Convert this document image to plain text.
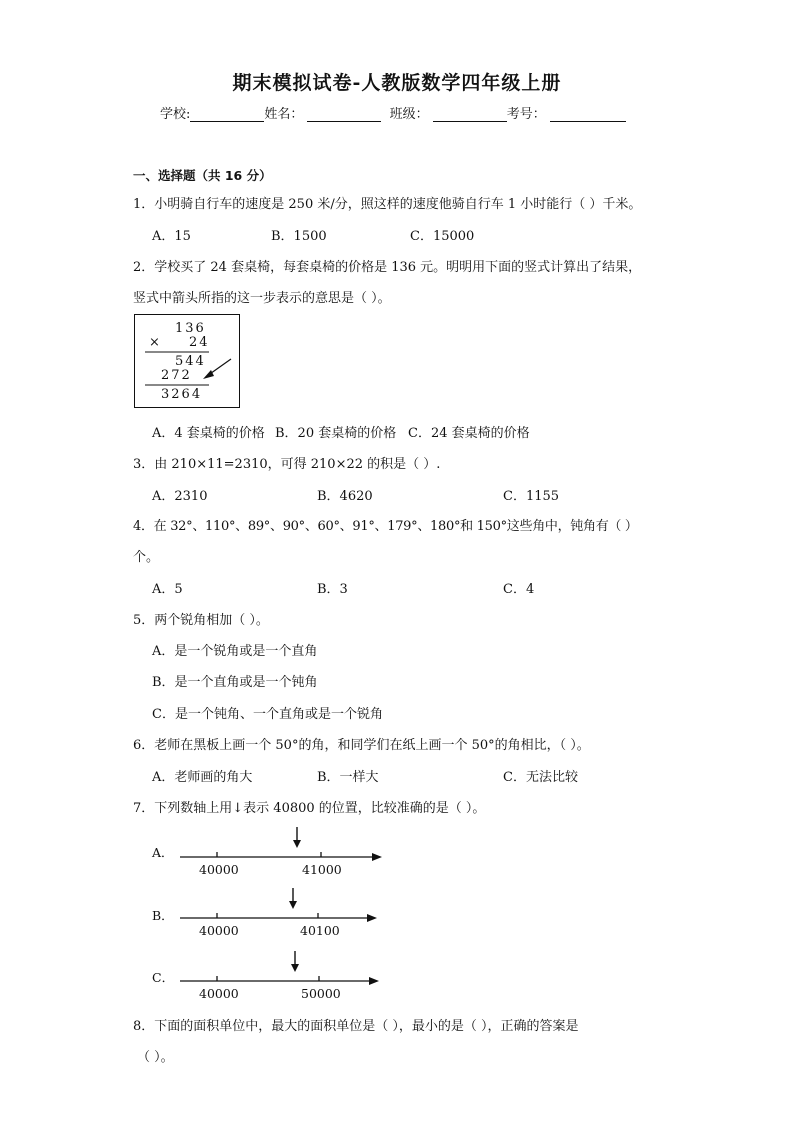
期末模拟试卷-人教版数学四年级上册
学校:	姓名：	班级：	考号：
一、选择题（共 16 分）
1．小明骑自行车的速度是 250 米/分，照这样的速度他骑自行车 1 小时能行（ ）千米。
A．15	B．1500	C．15000
2．学校买了 24 套桌椅，每套桌椅的价格是 136 元。明明用下面的竖式计算出了结果，
竖式中箭头所指的这一步表示的意思是（ ）。
136
× 24
544
272
3264
A．4 套桌椅的价格 B．20 套桌椅的价格 C．24 套桌椅的价格
3．由 210×11=2310，可得 210×22 的积是（ ）.
A．2310	B．4620	C．1155
4．在 32°、110°、89°、90°、60°、91°、179°、180°和 150°这些角中，钝角有（ ）
个。
A．5	B．3	C．4
5．两个锐角相加（ ）。
A．是一个锐角或是一个直角
B．是一个直角或是一个钝角
C．是一个钝角、一个直角或是一个锐角
6．老师在黑板上画一个 50°的角，和同学们在纸上画一个 50°的角相比，（ ）。
A．老师画的角大	B．一样大	C．无法比较
7．下列数轴上用↓表示 40800 的位置，比较准确的是（ ）。
A．
40000	41000
B．
40000	40100
C．
40000	50000
8．下面的面积单位中，最大的面积单位是（ ），最小的是（ ），正确的答案是
（ ）。
